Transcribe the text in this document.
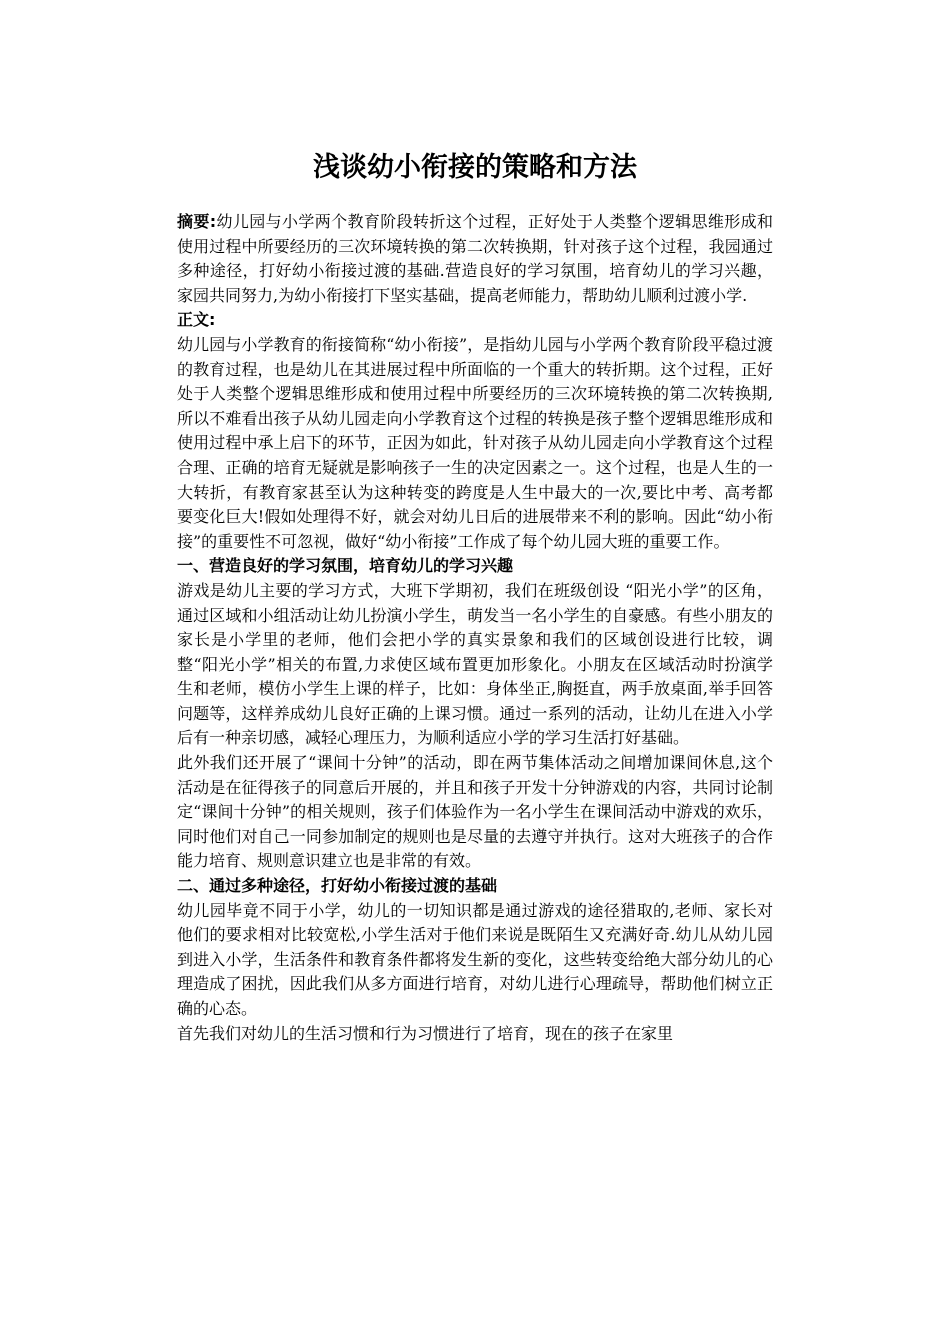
浅谈幼小衔接的策略和方法

摘要:幼儿园与小学两个教育阶段转折这个过程，正好处于人类整个逻辑思维形成和使用过程中所要经历的三次环境转换的第二次转换期，针对孩子这个过程，我园通过多种途径，打好幼小衔接过渡的基础.营造良好的学习氛围，培育幼儿的学习兴趣，家园共同努力,为幼小衔接打下坚实基础，提高老师能力，帮助幼儿顺利过渡小学.

正文:

幼儿园与小学教育的衔接简称“幼小衔接”，是指幼儿园与小学两个教育阶段平稳过渡的教育过程，也是幼儿在其进展过程中所面临的一个重大的转折期。这个过程，正好处于人类整个逻辑思维形成和使用过程中所要经历的三次环境转换的第二次转换期,所以不难看出孩子从幼儿园走向小学教育这个过程的转换是孩子整个逻辑思维形成和使用过程中承上启下的环节，正因为如此，针对孩子从幼儿园走向小学教育这个过程合理、正确的培育无疑就是影响孩子一生的决定因素之一。这个过程，也是人生的一大转折，有教育家甚至认为这种转变的跨度是人生中最大的一次,要比中考、高考都要变化巨大!假如处理得不好，就会对幼儿日后的进展带来不利的影响。因此“幼小衔接”的重要性不可忽视，做好“幼小衔接”工作成了每个幼儿园大班的重要工作。

一、营造良好的学习氛围，培育幼儿的学习兴趣

游戏是幼儿主要的学习方式，大班下学期初，我们在班级创设 “阳光小学”的区角，通过区域和小组活动让幼儿扮演小学生，萌发当一名小学生的自豪感。有些小朋友的家长是小学里的老师，他们会把小学的真实景象和我们的区域创设进行比较，调整“阳光小学”相关的布置,力求使区域布置更加形象化。小朋友在区域活动时扮演学生和老师，模仿小学生上课的样子，比如：身体坐正,胸挺直，两手放桌面,举手回答问题等，这样养成幼儿良好正确的上课习惯。通过一系列的活动，让幼儿在进入小学后有一种亲切感，减轻心理压力，为顺利适应小学的学习生活打好基础。

此外我们还开展了“课间十分钟”的活动，即在两节集体活动之间增加课间休息,这个活动是在征得孩子的同意后开展的，并且和孩子开发十分钟游戏的内容，共同讨论制定“课间十分钟”的相关规则，孩子们体验作为一名小学生在课间活动中游戏的欢乐，同时他们对自己一同参加制定的规则也是尽量的去遵守并执行。这对大班孩子的合作能力培育、规则意识建立也是非常的有效。

二、通过多种途径，打好幼小衔接过渡的基础

幼儿园毕竟不同于小学，幼儿的一切知识都是通过游戏的途径猎取的,老师、家长对他们的要求相对比较宽松,小学生活对于他们来说是既陌生又充满好奇.幼儿从幼儿园到进入小学，生活条件和教育条件都将发生新的变化，这些转变给绝大部分幼儿的心理造成了困扰，因此我们从多方面进行培育，对幼儿进行心理疏导，帮助他们树立正确的心态。

首先我们对幼儿的生活习惯和行为习惯进行了培育，现在的孩子在家里
